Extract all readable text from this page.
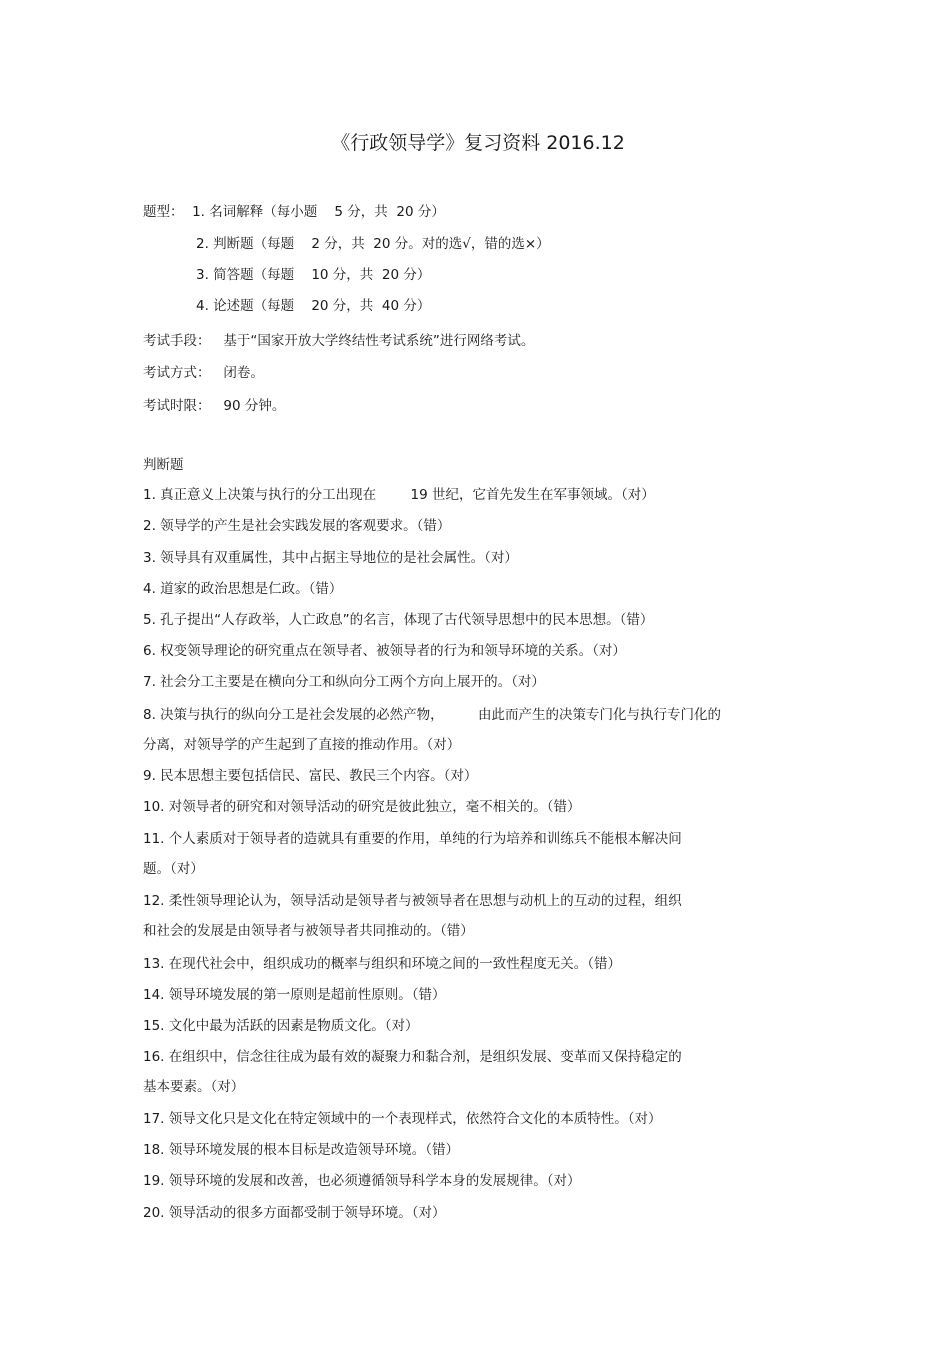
《行政领导学》复习资料 2016.12
题型：  1. 名词解释（每小题    5 分，共  20 分）
2. 判断题（每题    2 分，共  20 分。对的选√，错的选×）
3. 简答题（每题    10 分，共  20 分）
4. 论述题（每题    20 分，共  40 分）
考试手段：   基于“国家开放大学终结性考试系统”进行网络考试。
考试方式：   闭卷。
考试时限：   90 分钟。
判断题
1. 真正意义上决策与执行的分工出现在        19 世纪，它首先发生在军事领域。（对）
2. 领导学的产生是社会实践发展的客观要求。（错）
3. 领导具有双重属性，其中占据主导地位的是社会属性。（对）
4. 道家的政治思想是仁政。（错）
5. 孔子提出“人存政举，人亡政息”的名言，体现了古代领导思想中的民本思想。（错）
6. 权变领导理论的研究重点在领导者、被领导者的行为和领导环境的关系。（对）
7. 社会分工主要是在横向分工和纵向分工两个方向上展开的。（对）
8. 决策与执行的纵向分工是社会发展的必然产物，        由此而产生的决策专门化与执行专门化的
分离，对领导学的产生起到了直接的推动作用。（对）
9. 民本思想主要包括信民、富民、教民三个内容。（对）
10. 对领导者的研究和对领导活动的研究是彼此独立，毫不相关的。（错）
11. 个人素质对于领导者的造就具有重要的作用，单纯的行为培养和训练兵不能根本解决问
题。（对）
12. 柔性领导理论认为，领导活动是领导者与被领导者在思想与动机上的互动的过程，组织
和社会的发展是由领导者与被领导者共同推动的。（错）
13. 在现代社会中，组织成功的概率与组织和环境之间的一致性程度无关。（错）
14. 领导环境发展的第一原则是超前性原则。（错）
15. 文化中最为活跃的因素是物质文化。（对）
16. 在组织中，信念往往成为最有效的凝聚力和黏合剂，是组织发展、变革而又保持稳定的
基本要素。（对）
17. 领导文化只是文化在特定领域中的一个表现样式，依然符合文化的本质特性。（对）
18. 领导环境发展的根本目标是改造领导环境。（错）
19. 领导环境的发展和改善，也必须遵循领导科学本身的发展规律。（对）
20. 领导活动的很多方面都受制于领导环境。（对）
